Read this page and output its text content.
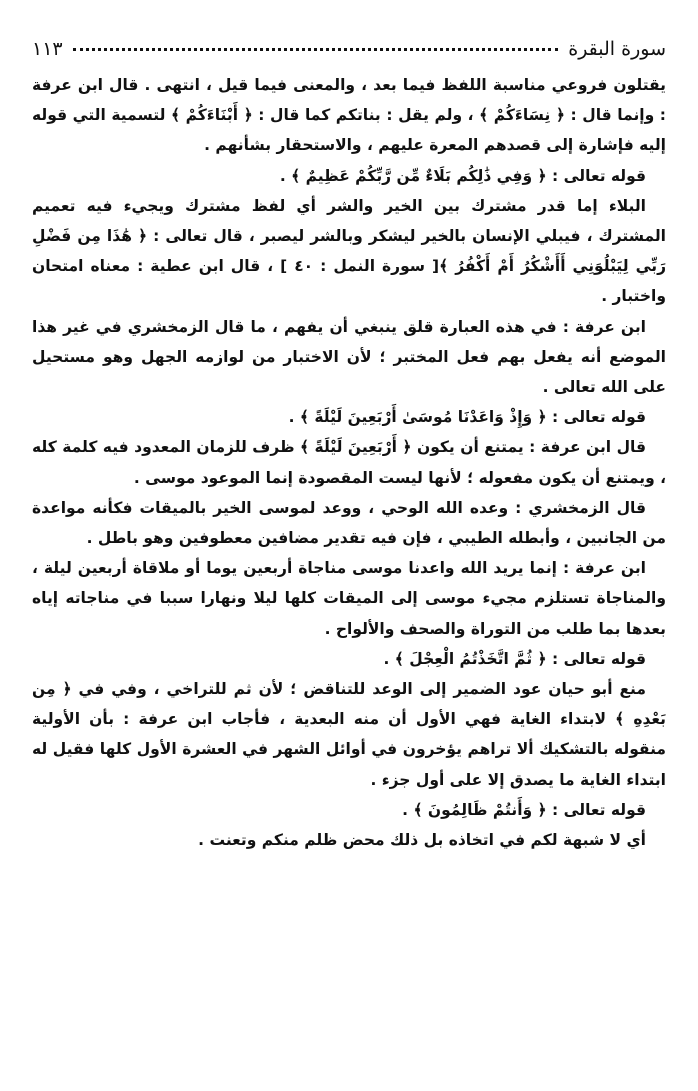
سورة البقرة
١١٣

يقتلون فروعي مناسبة اللفظ فيما بعد ، والمعنى فيما قيل ، انتهى . قال ابن عرفة : وإنما قال : ﴿ نِسَاءَكُمْ ﴾ ، ولم يقل : بناتكم كما قال : ﴿ أَبْنَاءَكُمْ ﴾ لتسمية التي قوله إليه فإشارة إلى قصدهم المعرة عليهم ، والاستحقار بشأنهم .

قوله تعالى : ﴿ وَفِي ذَٰلِكُم بَلَاءٌ مِّن رَّبِّكُمْ عَظِيمٌ ﴾ .

البلاء إما قدر مشترك بين الخير والشر أي لفظ مشترك ويجيء فيه تعميم المشترك ، فيبلي الإنسان بالخير ليشكر وبالشر ليصبر ، قال تعالى : ﴿ هَٰذَا مِن فَضْلِ رَبِّي لِيَبْلُوَنِي أَأَشْكُرُ أَمْ أَكْفُرُ ﴾[ سورة النمل : ٤٠ ] ، قال ابن عطية : معناه امتحان واختبار .

ابن عرفة : في هذه العبارة قلق ينبغي أن يفهم ، ما قال الزمخشري في غير هذا الموضع أنه يفعل بهم فعل المختبر ؛ لأن الاختبار من لوازمه الجهل وهو مستحيل على الله تعالى .

قوله تعالى : ﴿ وَإِذْ وَاعَدْنَا مُوسَىٰ أَرْبَعِينَ لَيْلَةً ﴾ .

قال ابن عرفة : يمتنع أن يكون ﴿ أَرْبَعِينَ لَيْلَةً ﴾ ظرف للزمان المعدود فيه كلمة كله ، ويمتنع أن يكون مفعوله ؛ لأنها ليست المقصودة إنما الموعود موسى .

قال الزمخشري : وعده الله الوحي ، ووعد لموسى الخير بالميقات فكأنه مواعدة من الجانبين ، وأبطله الطيبي ، فإن فيه تقدير مضافين معطوفين وهو باطل .

ابن عرفة : إنما يريد الله واعدنا موسى مناجاة أربعين يوما أو ملاقاة أربعين ليلة ، والمناجاة تستلزم مجيء موسى إلى الميقات كلها ليلا ونهارا سببا في مناجاته إياه بعدها بما طلب من التوراة والصحف والألواح .

قوله تعالى : ﴿ ثُمَّ اتَّخَذْتُمُ الْعِجْلَ ﴾ .

منع أبو حيان عود الضمير إلى الوعد للتناقض ؛ لأن ثم للتراخي ، وفي في ﴿ مِن بَعْدِهِ ﴾ لابتداء الغاية فهي الأول أن منه البعدية ، فأجاب ابن عرفة : بأن الأولية منقوله بالتشكيك ألا تراهم يؤخرون في أوائل الشهر في العشرة الأول كلها فقيل له ابتداء الغاية ما يصدق إلا على أول جزء .

قوله تعالى : ﴿ وَأَنتُمْ ظَالِمُونَ ﴾ .

أي لا شبهة لكم في اتخاذه بل ذلك محض ظلم منكم وتعنت .
